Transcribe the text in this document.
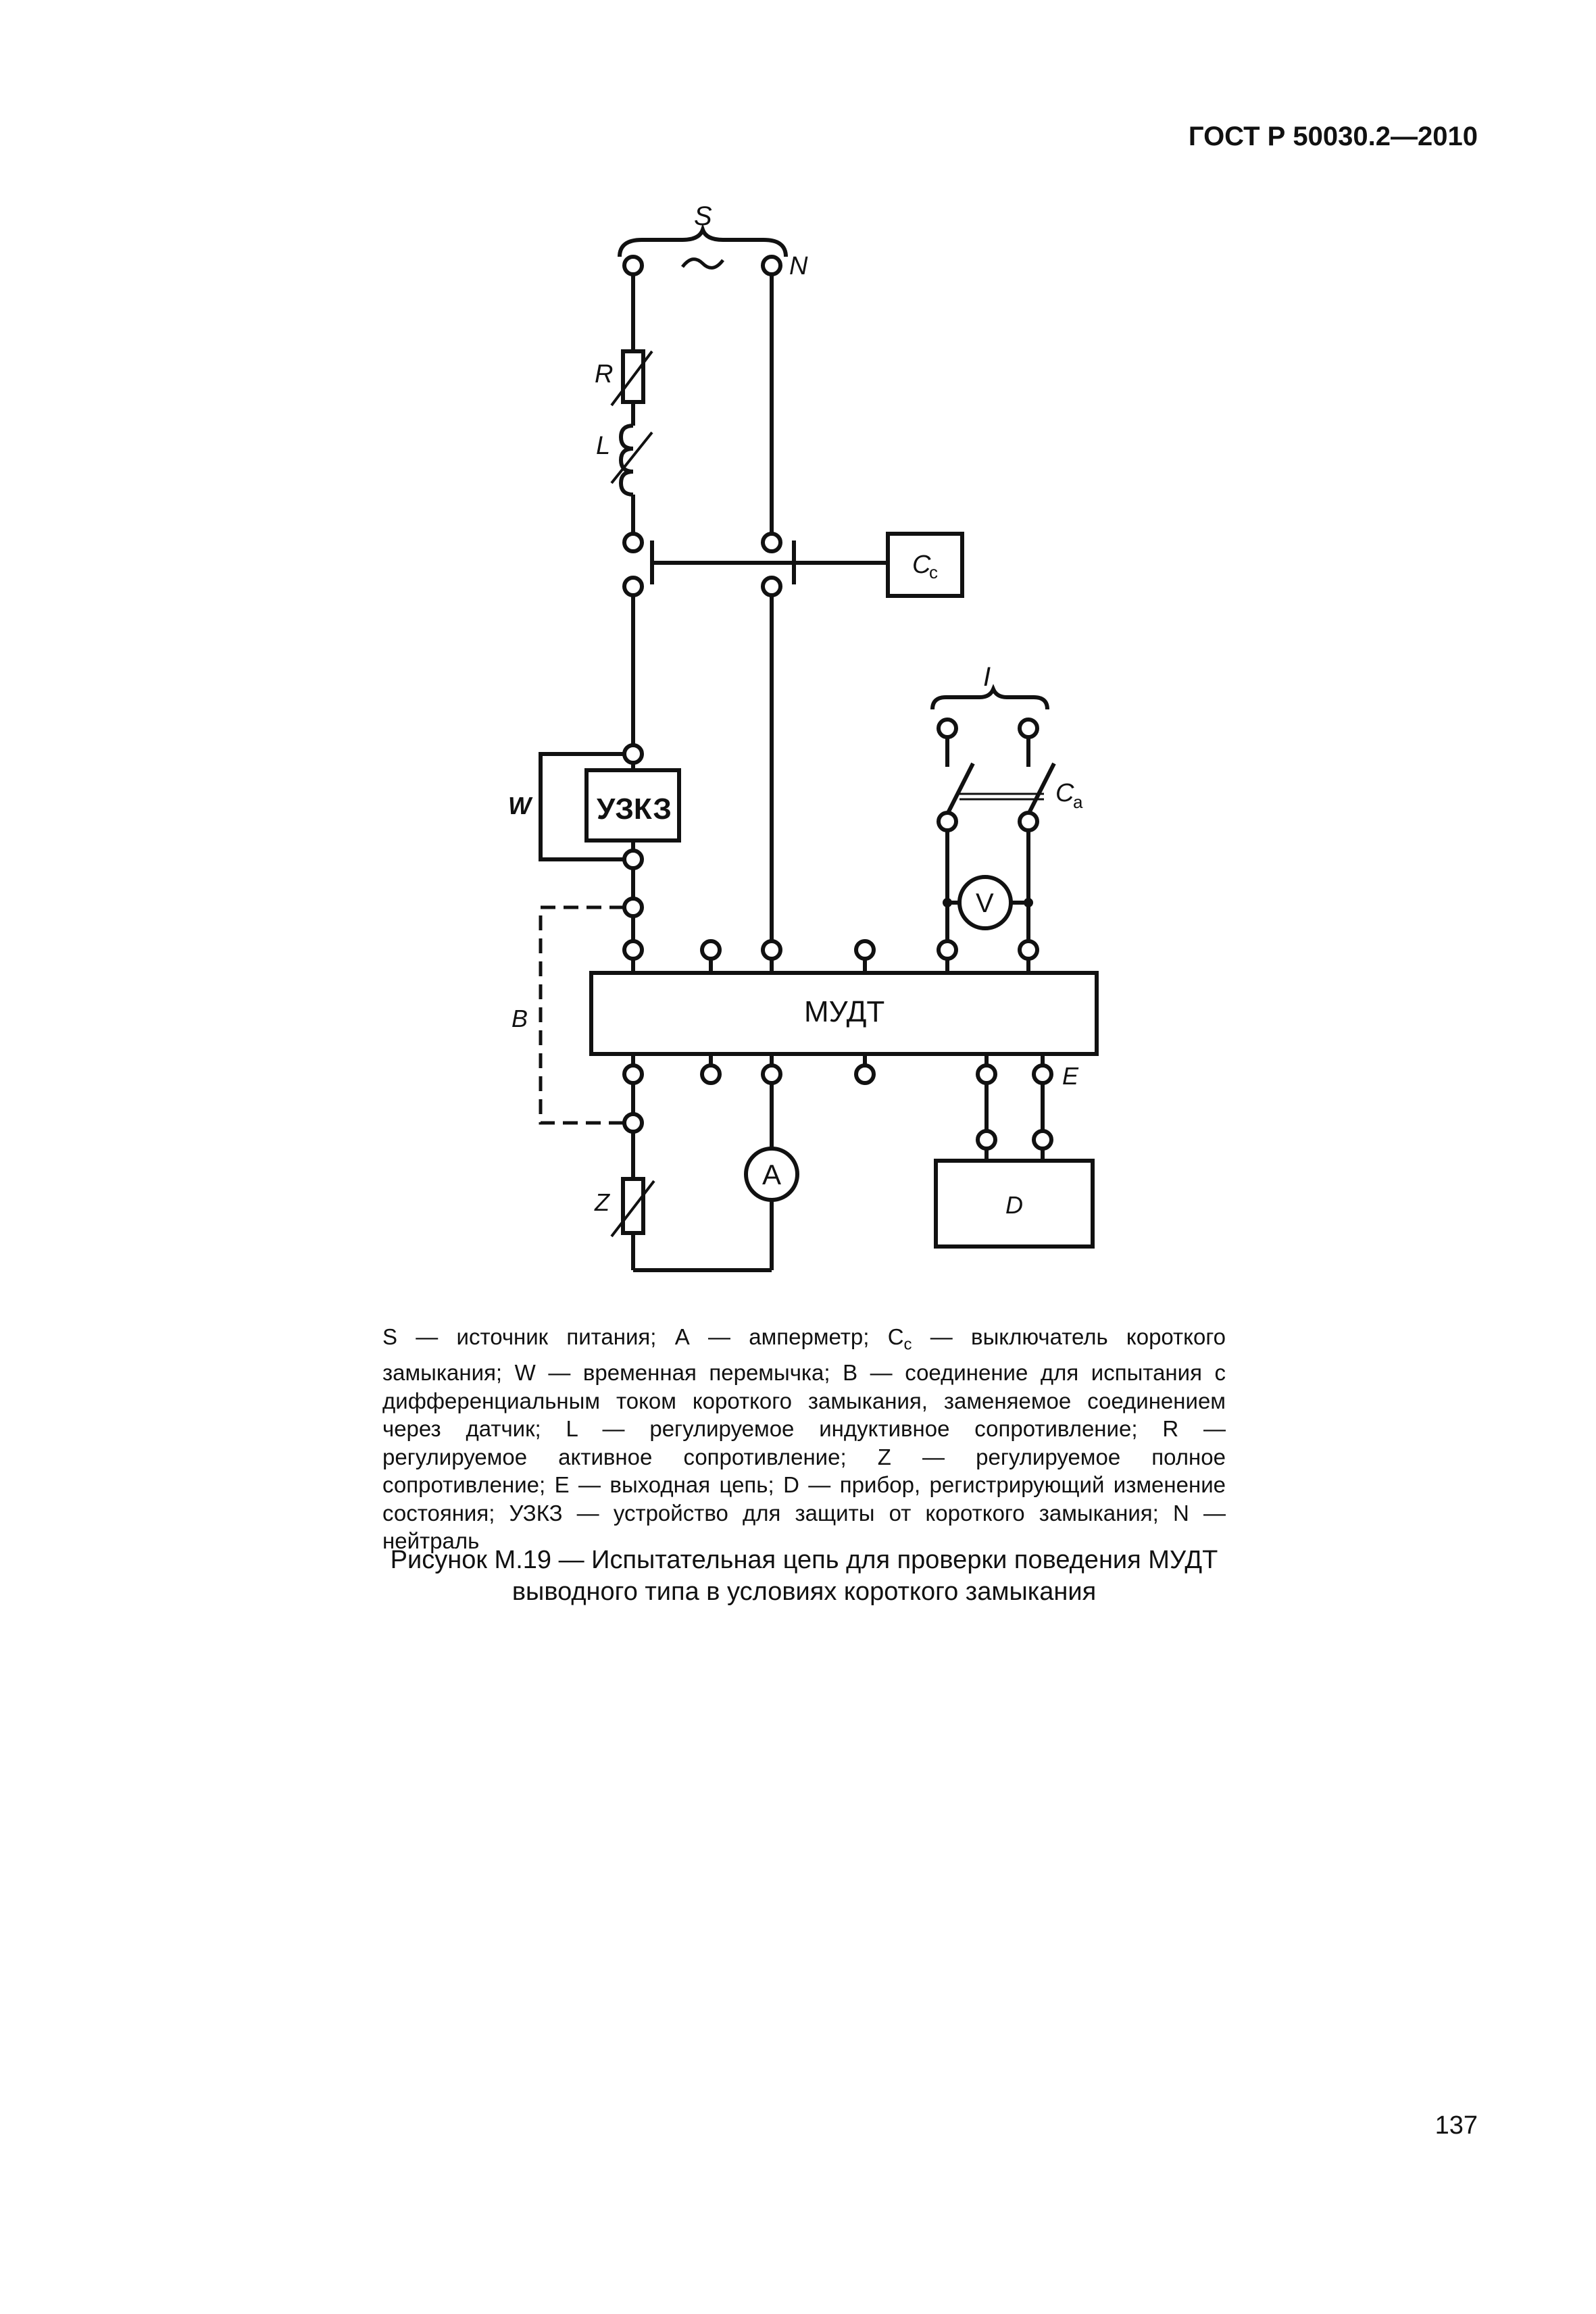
ГОСТ Р 50030.2—2010
S
N
R
L
C
c
I
C
a
W УЗКЗ
V
B	МУДТ
E
A
Z	D
S — источник питания; А — амперметр; $C_c$ — выключатель короткого замыкания; W — временная перемычка; B — соединение для испытания с дифференциальным током короткого замыкания, заменяемое соединением через датчик; L — регулируемое индуктивное сопротивление; R — регулируемое активное сопротивление; Z — регулируемое полное сопротивление; E — выходная цепь; D — прибор, регистрирующий изменение состояния; УЗКЗ — устройство для защиты от короткого замыкания; N — нейтраль
Рисунок М.19 — Испытательная цепь для проверки поведения МУДТ
выводного типа в условиях короткого замыкания
137
